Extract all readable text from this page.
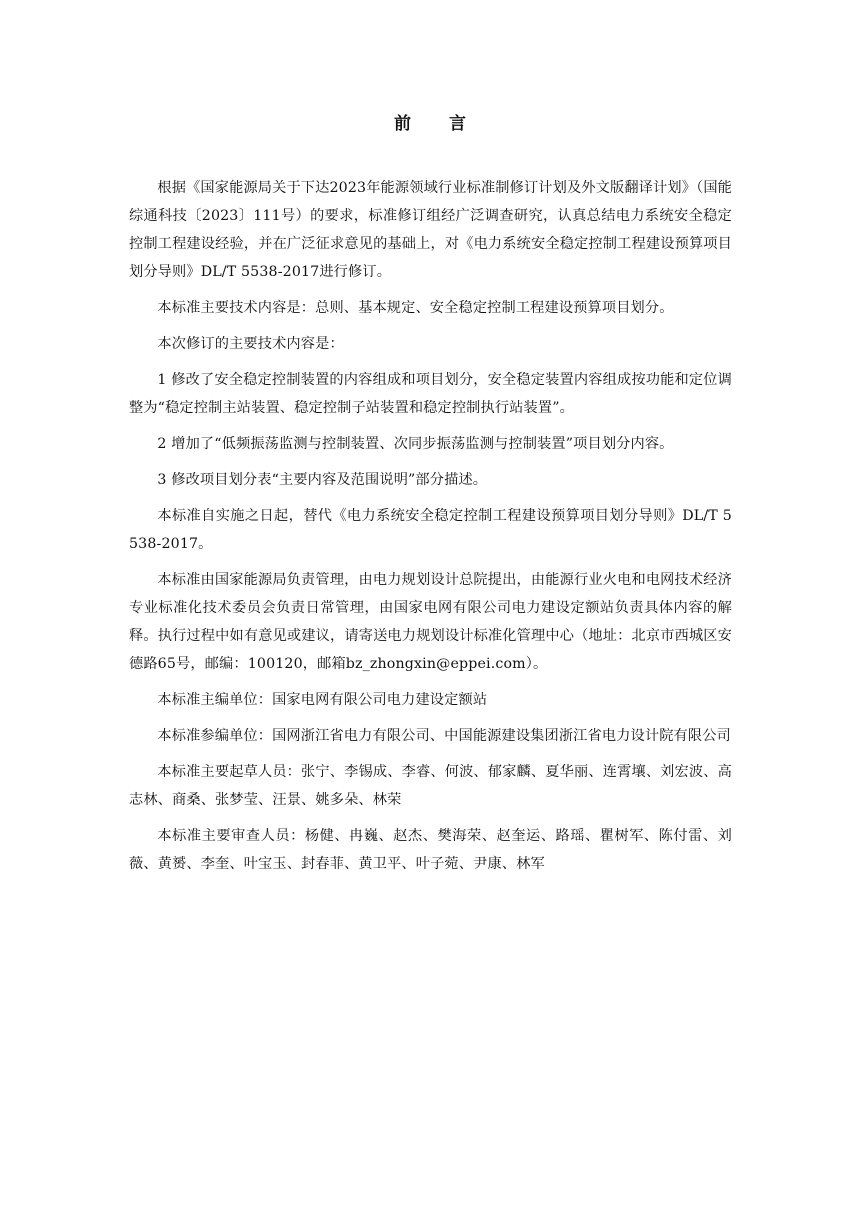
前 言

根据《国家能源局关于下达2023年能源领域行业标准制修订计划及外文版翻译计划》（国能综通科技〔2023〕111号）的要求，标准修订组经广泛调查研究，认真总结电力系统安全稳定控制工程建设经验，并在广泛征求意见的基础上，对《电力系统安全稳定控制工程建设预算项目划分导则》DL/T 5538-2017进行修订。

本标准主要技术内容是：总则、基本规定、安全稳定控制工程建设预算项目划分。

本次修订的主要技术内容是：

1 修改了安全稳定控制装置的内容组成和项目划分，安全稳定装置内容组成按功能和定位调整为“稳定控制主站装置、稳定控制子站装置和稳定控制执行站装置”。

2 增加了“低频振荡监测与控制装置、次同步振荡监测与控制装置”项目划分内容。

3 修改项目划分表“主要内容及范围说明”部分描述。

本标准自实施之日起，替代《电力系统安全稳定控制工程建设预算项目划分导则》DL/T 5538-2017。

本标准由国家能源局负责管理，由电力规划设计总院提出，由能源行业火电和电网技术经济专业标准化技术委员会负责日常管理，由国家电网有限公司电力建设定额站负责具体内容的解释。执行过程中如有意见或建议，请寄送电力规划设计标准化管理中心（地址：北京市西城区安德路65号，邮编：100120，邮箱bz_zhongxin@eppei.com）。

本标准主编单位：国家电网有限公司电力建设定额站

本标准参编单位：国网浙江省电力有限公司、中国能源建设集团浙江省电力设计院有限公司

本标准主要起草人员：张宁、李锡成、李睿、何波、郁家麟、夏华丽、连霄壤、刘宏波、高志林、商桑、张梦莹、汪景、姚多朵、林荣

本标准主要审查人员：杨健、冉巍、赵杰、樊海荣、赵奎运、路瑶、瞿树军、陈付雷、刘薇、黄赟、李奎、叶宝玉、封春菲、黄卫平、叶子菀、尹康、林军
